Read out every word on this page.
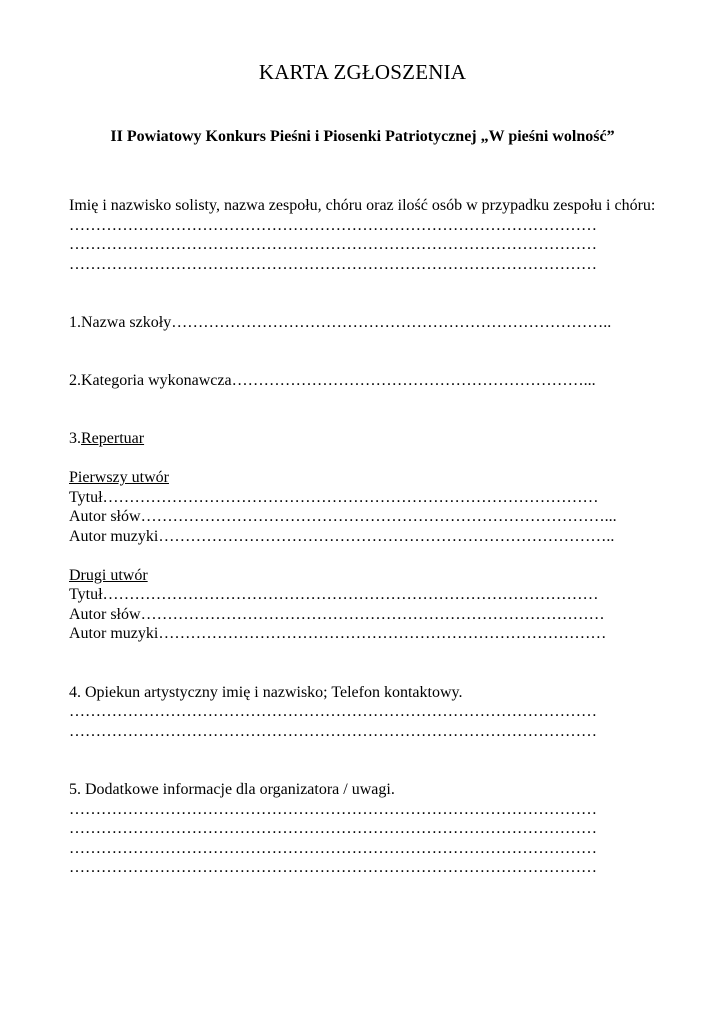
KARTA ZGŁOSZENIA
II Powiatowy Konkurs Pieśni i Piosenki Patriotycznej „W pieśni wolność”
Imię i nazwisko solisty, nazwa zespołu, chóru oraz ilość osób w przypadku zespołu i chóru:
………………………………………………………………………………………
………………………………………………………………………………………
………………………………………………………………………………………
1.Nazwa szkoły………………………………………………………………………..
2.Kategoria wykonawcza…………………………………………………………...
3.Repertuar
Pierwszy utwór
Tytuł…………………………………………………………………………………
Autor słów……………………………………………………………………………...
Autor muzyki…………………………………………………………………………..
Drugi utwór
Tytuł…………………………………………………………………………………
Autor słów……………………………………………………………………………
Autor muzyki…………………………………………………………………………
4. Opiekun artystyczny imię i nazwisko; Telefon kontaktowy.
………………………………………………………………………………………
………………………………………………………………………………………
5. Dodatkowe informacje dla organizatora / uwagi.
………………………………………………………………………………………
………………………………………………………………………………………
………………………………………………………………………………………
………………………………………………………………………………………
